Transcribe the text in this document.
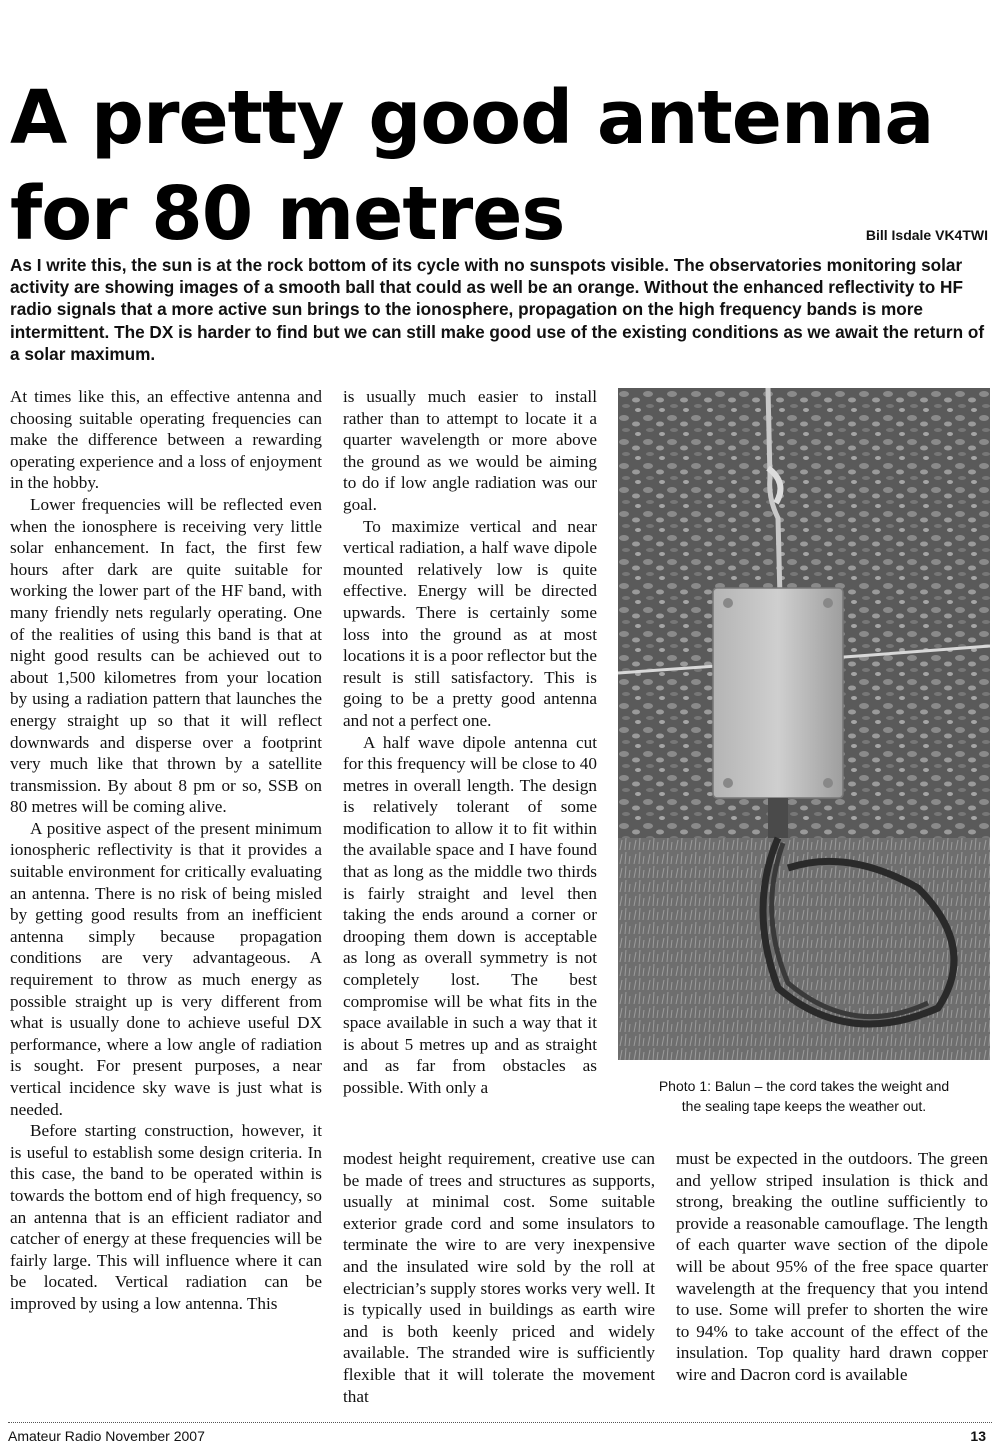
A pretty good antenna
for 80 metres	Bill Isdale VK4TWI

As I write this, the sun is at the rock bottom of its cycle with no sunspots visible. The observatories monitoring solar activity are showing images of a smooth ball that could as well be an orange. Without the enhanced reflectivity to HF radio signals that a more active sun brings to the ionosphere, propagation on the high frequency bands is more intermittent. The DX is harder to find but we can still make good use of the existing conditions as we await the return of a solar maximum.

At times like this, an effective antenna and choosing suitable operating frequencies can make the difference between a rewarding operating experience and a loss of enjoyment in the hobby.

Lower frequencies will be reflected even when the ionosphere is receiving very little solar enhancement. In fact, the first few hours after dark are quite suitable for working the lower part of the HF band, with many friendly nets regularly operating. One of the realities of using this band is that at night good results can be achieved out to about 1,500 kilometres from your location by using a radiation pattern that launches the energy straight up so that it will reflect downwards and disperse over a footprint very much like that thrown by a satellite transmission. By about 8 pm or so, SSB on 80 metres will be coming alive.

A positive aspect of the present minimum ionospheric reflectivity is that it provides a suitable environment for critically evaluating an antenna. There is no risk of being misled by getting good results from an inefficient antenna simply because propagation conditions are very advantageous. A requirement to throw as much energy as possible straight up is very different from what is usually done to achieve useful DX performance, where a low angle of radiation is sought. For present purposes, a near vertical incidence sky wave is just what is needed.

Before starting construction, however, it is useful to establish some design criteria. In this case, the band to be operated within is towards the bottom end of high frequency, so an antenna that is an efficient radiator and catcher of energy at these frequencies will be fairly large. This will influence where it can be located. Vertical radiation can be improved by using a low antenna. This

is usually much easier to install rather than to attempt to locate it a quarter wavelength or more above the ground as we would be aiming to do if low angle radiation was our goal.

To maximize vertical and near vertical radiation, a half wave dipole mounted relatively low is quite effective. Energy will be directed upwards. There is certainly some loss into the ground as at most locations it is a poor reflector but the result is still satisfactory. This is going to be a pretty good antenna and not a perfect one.

A half wave dipole antenna cut for this frequency will be close to 40 metres in overall length. The design is relatively tolerant of some modification to allow it to fit within the available space and I have found that as long as the middle two thirds is fairly straight and level then taking the ends around a corner or drooping them down is acceptable as long as overall symmetry is not completely lost. The best compromise will be what fits in the space available in such a way that it is about 5 metres up and as straight and as far from obstacles as possible. With only a

modest height requirement, creative use can be made of trees and structures as supports, usually at minimal cost. Some suitable exterior grade cord and some insulators to terminate the wire to are very inexpensive and the insulated wire sold by the roll at electrician’s supply stores works very well. It is typically used in buildings as earth wire and is both keenly priced and widely available. The stranded wire is sufficiently flexible that it will tolerate the movement that

must be expected in the outdoors. The green and yellow striped insulation is thick and strong, breaking the outline sufficiently to provide a reasonable camouflage. The length of each quarter wave section of the dipole will be about 95% of the free space quarter wavelength at the frequency that you intend to use. Some will prefer to shorten the wire to 94% to take account of the effect of the insulation. Top quality hard drawn copper wire and Dacron cord is available

Photo 1: Balun – the cord takes the weight and
the sealing tape keeps the weather out.
Amateur Radio November 2007	13
